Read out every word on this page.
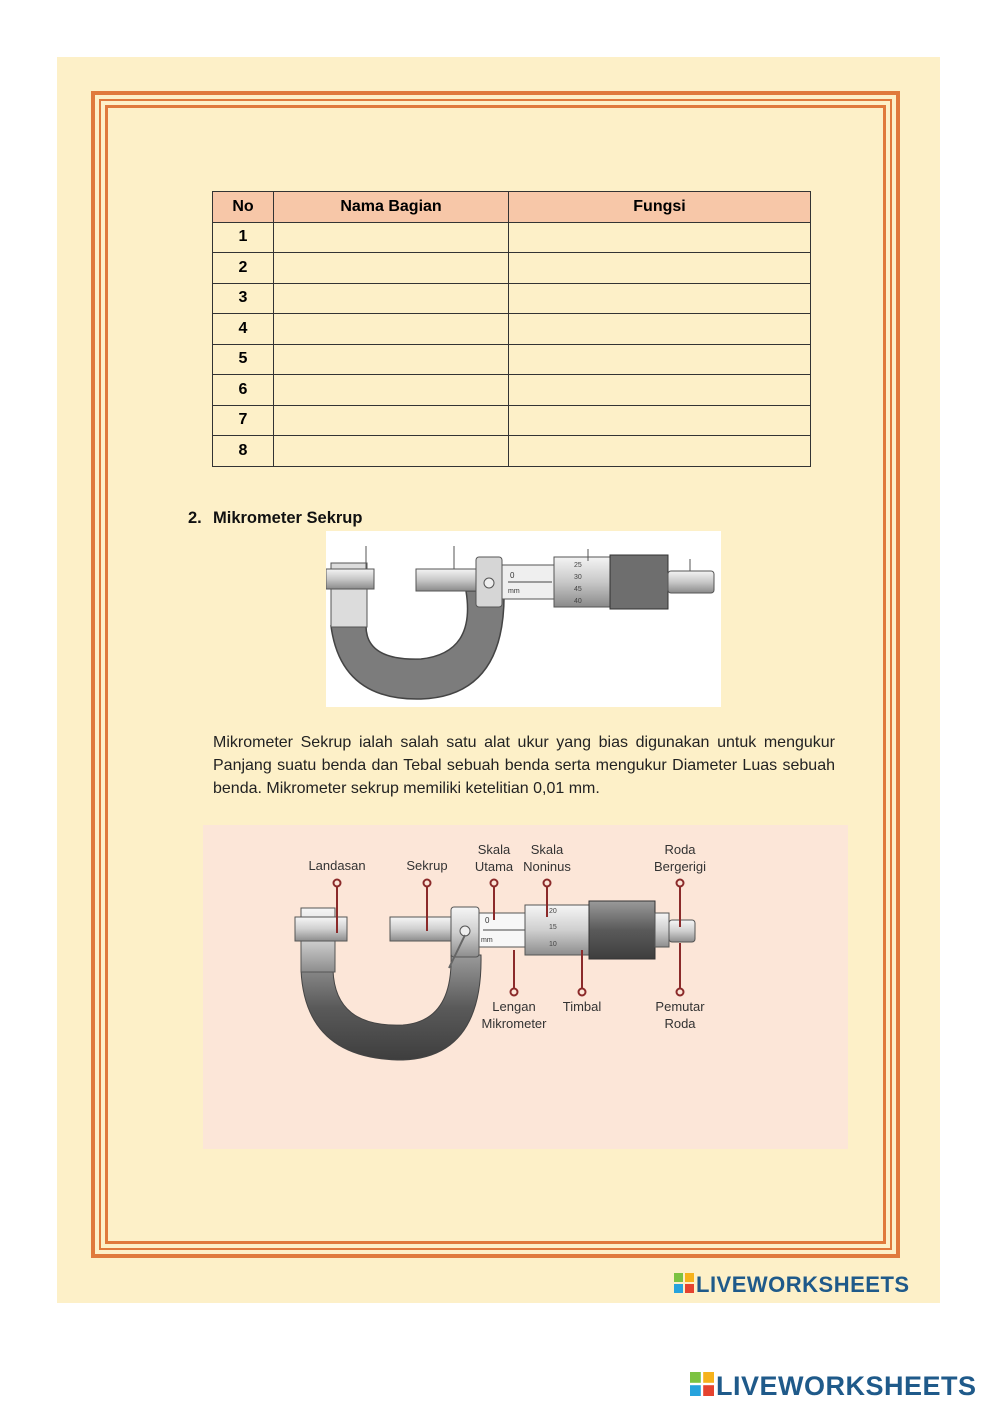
No	Nama Bagian	Fungsi
1		
2		
3		
4		
5		
6		
7		
8		
2. Mikrometer Sekrup
0
mm
25
30
45
40
Mikrometer Sekrup ialah salah satu alat ukur yang bias digunakan untuk mengukur Panjang suatu benda dan Tebal sebuah benda serta mengukur Diameter Luas sebuah benda. Mikrometer sekrup memiliki ketelitian 0,01 mm.
0
mm
20
15
10
Landasan	Sekrup
Skala
Utama
Skala
Noninus
Roda
Bergerigi
Lengan
Mikrometer
Timbal	Pemutar
Roda
LIVEWORKSHEETS
LIVEWORKSHEETS
